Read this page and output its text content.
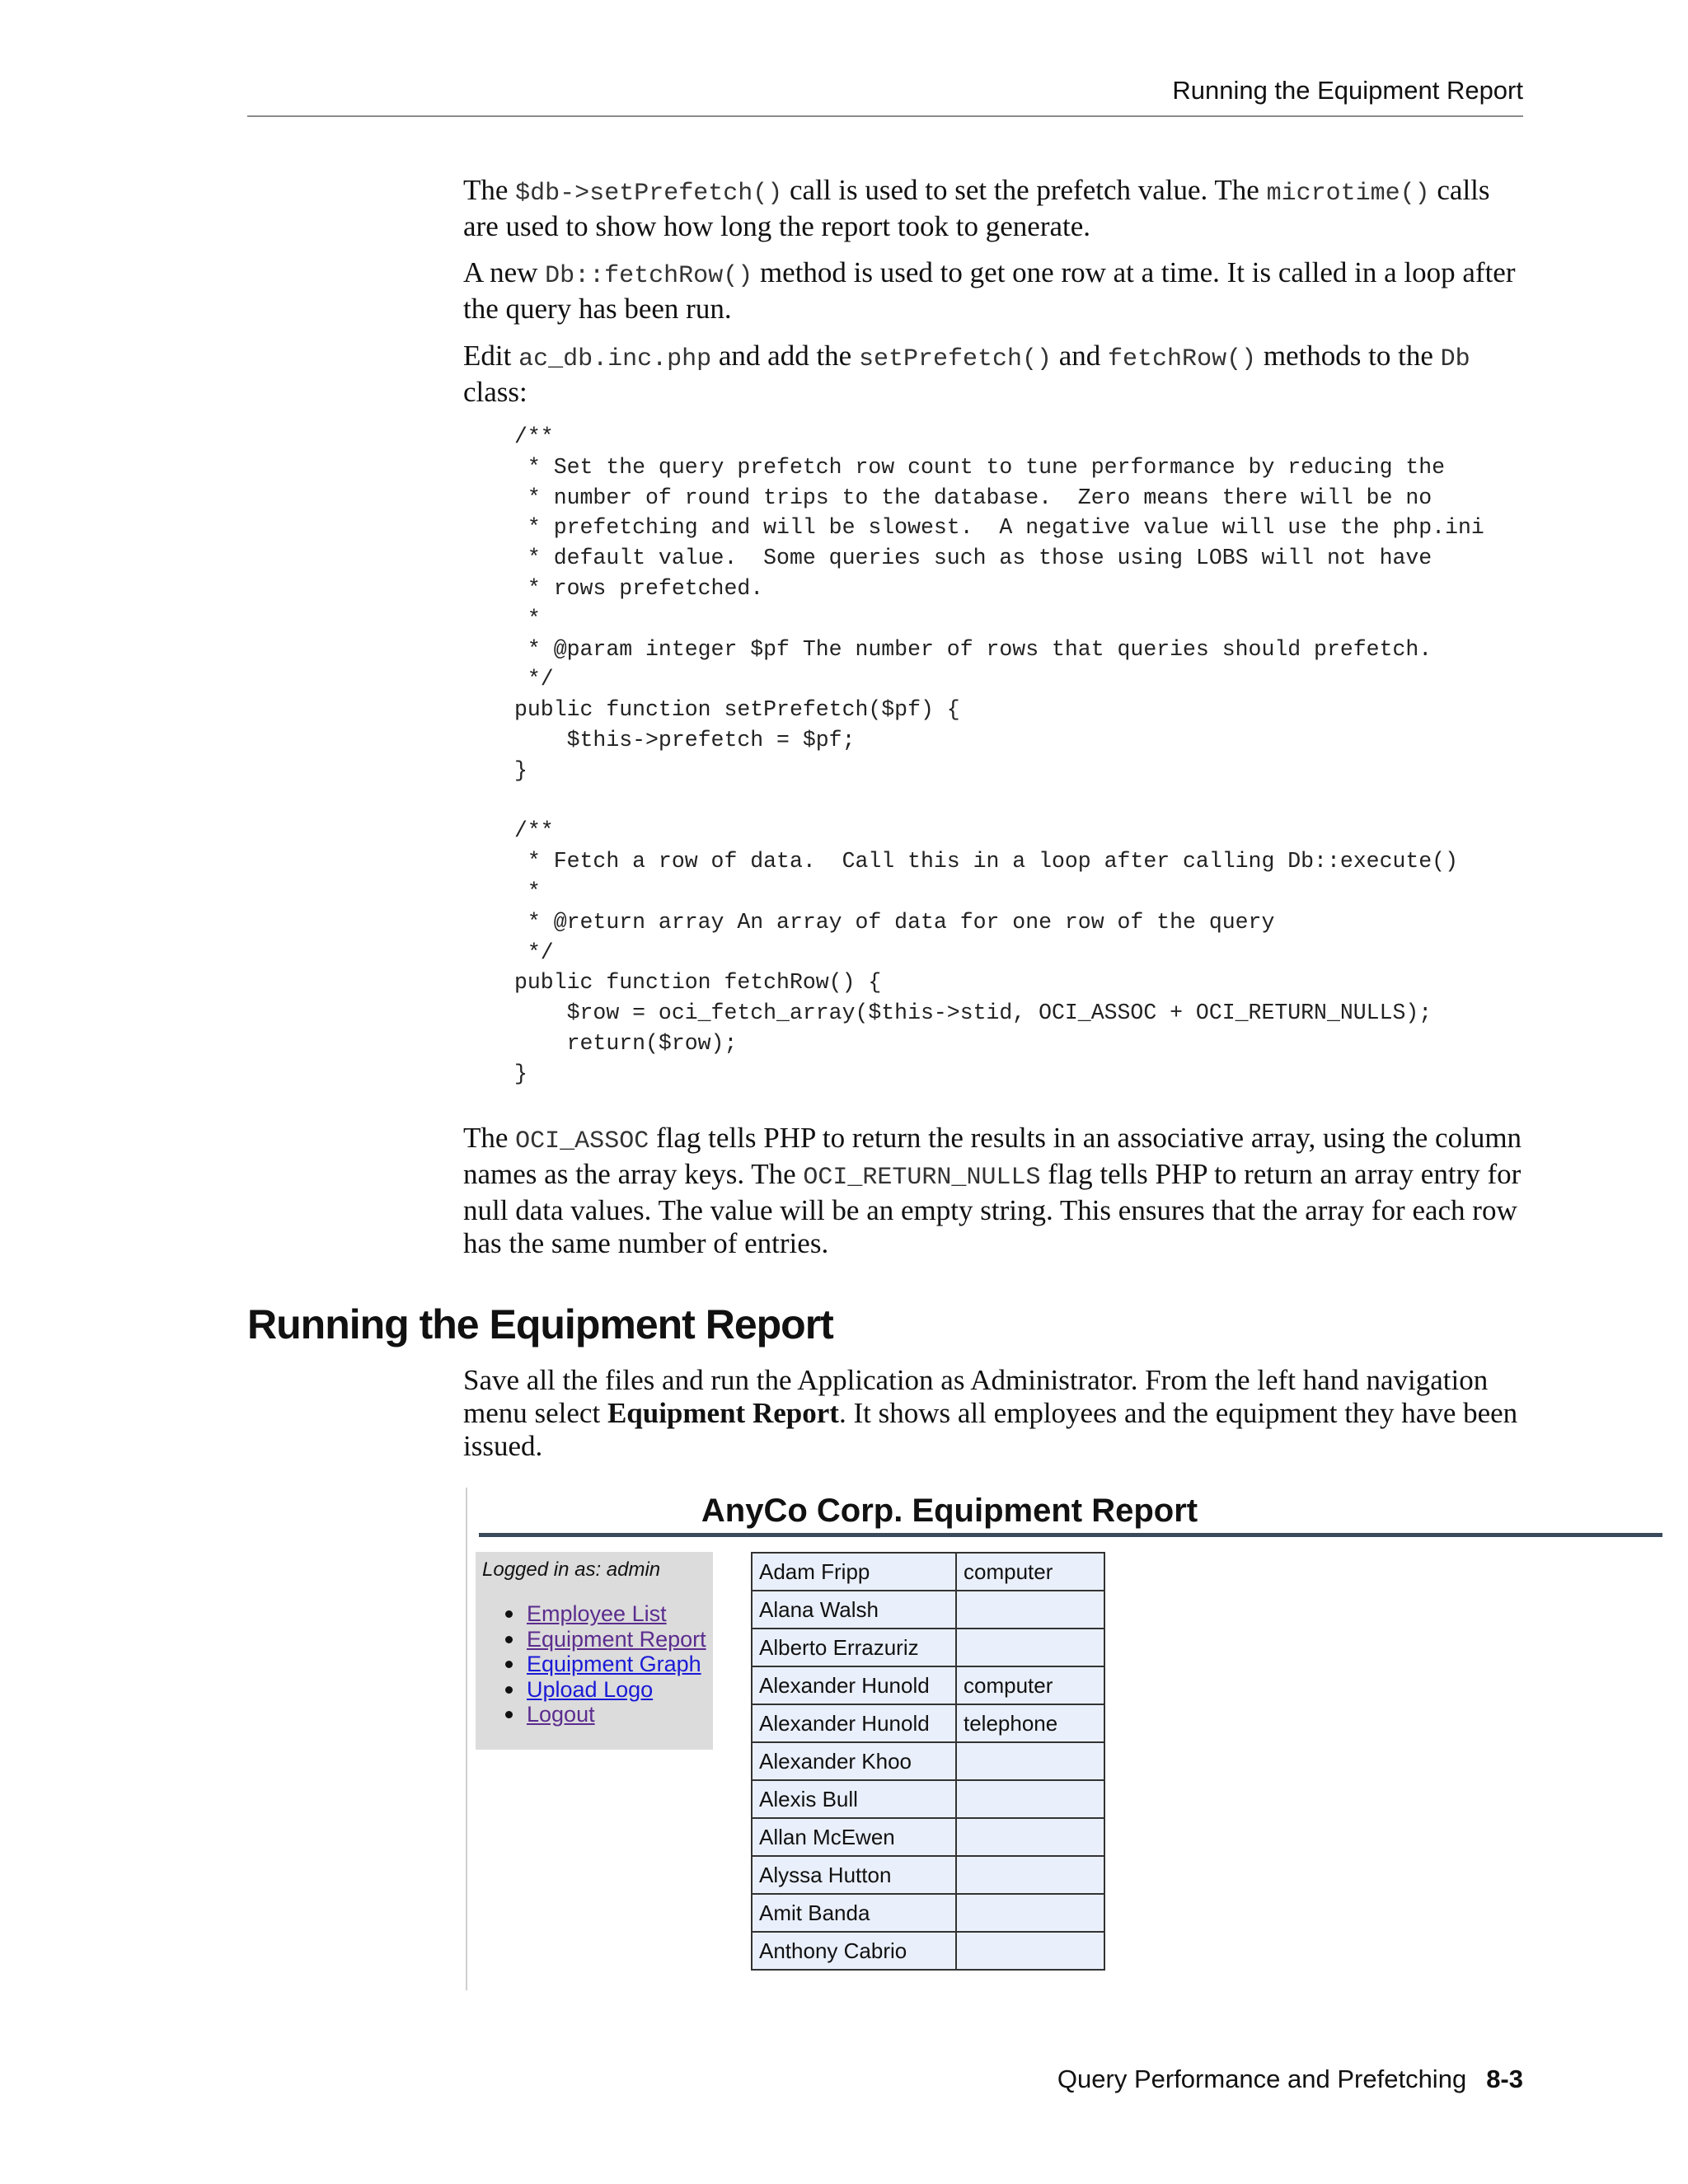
Running the Equipment Report

The $db->setPrefetch() call is used to set the prefetch value. The microtime() calls are used to show how long the report took to generate.

A new Db::fetchRow() method is used to get one row at a time. It is called in a loop after the query has been run.

Edit ac_db.inc.php and add the setPrefetch() and fetchRow() methods to the Db class:

/**
* Set the query prefetch row count to tune performance by reducing the
* number of round trips to the database.  Zero means there will be no
* prefetching and will be slowest.  A negative value will use the php.ini
* default value.  Some queries such as those using LOBS will not have
* rows prefetched.
*
* @param integer $pf The number of rows that queries should prefetch.
*/
public function setPrefetch($pf) {
$this->prefetch = $pf;
}

/**
* Fetch a row of data.  Call this in a loop after calling Db::execute()
*
* @return array An array of data for one row of the query
*/
public function fetchRow() {
$row = oci_fetch_array($this->stid, OCI_ASSOC + OCI_RETURN_NULLS);
return($row);
}

The OCI_ASSOC flag tells PHP to return the results in an associative array, using the column names as the array keys. The OCI_RETURN_NULLS flag tells PHP to return an array entry for null data values. The value will be an empty string. This ensures that the array for each row has the same number of entries.

Running the Equipment Report

Save all the files and run the Application as Administrator. From the left hand navigation menu select Equipment Report. It shows all employees and the equipment they have been issued.

AnyCo Corp. Equipment Report
Logged in as: admin
Employee List
Equipment Report
Equipment Graph
Upload Logo
Logout
Adam Fripp	computer
Alana Walsh	
Alberto Errazuriz	
Alexander Hunold	computer
Alexander Hunold	telephone
Alexander Khoo	
Alexis Bull	
Allan McEwen	
Alyssa Hutton	
Amit Banda	
Anthony Cabrio	
Query Performance and Prefetching 8-3
